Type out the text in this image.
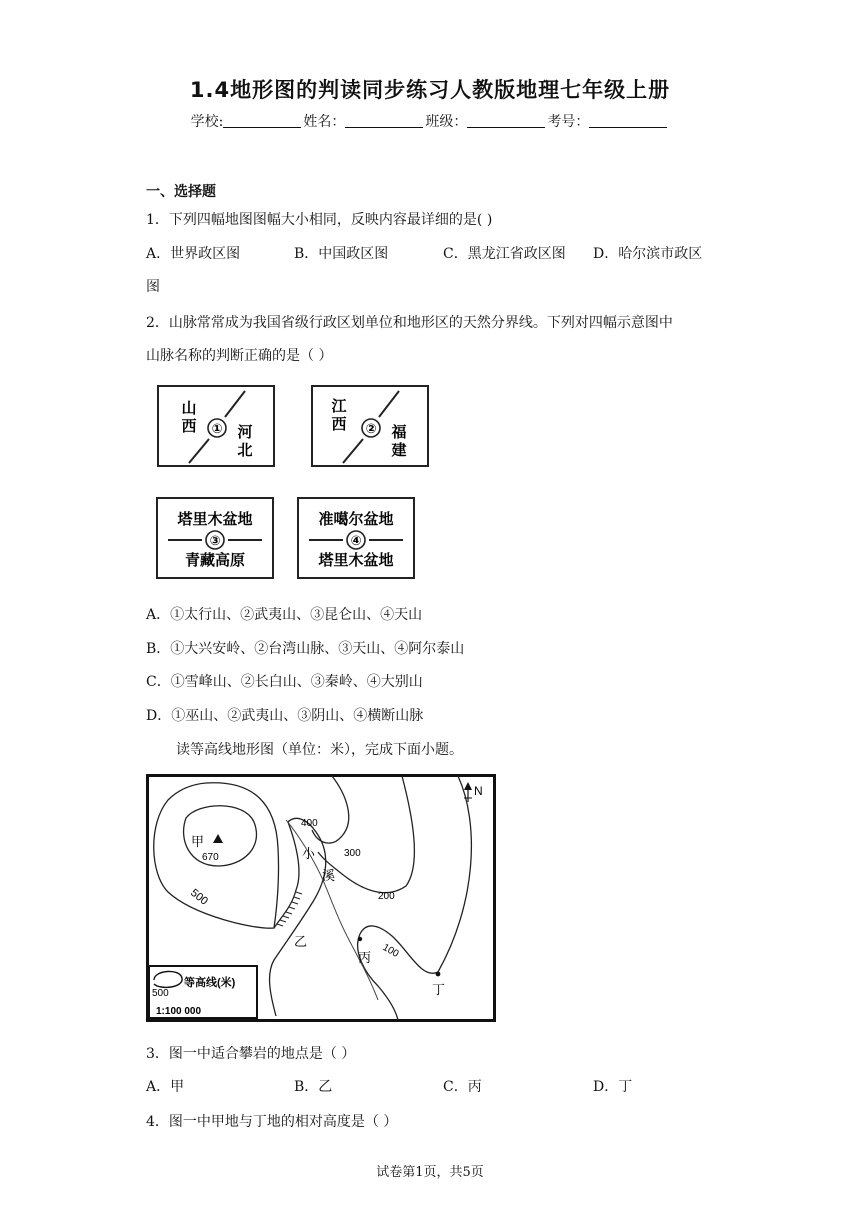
1.4地形图的判读同步练习人教版地理七年级上册
学校:	姓名：	班级：	考号：
一、选择题
1．下列四幅地图图幅大小相同，反映内容最详细的是( )
A．世界政区图	B．中国政区图	C．黑龙江省政区图 D．哈尔滨市政区
图
2．山脉常常成为我国省级行政区划单位和地形区的天然分界线。下列对四幅示意图中
山脉名称的判断正确的是（ ）
①
山
西	河
北
②
江
西	福
建
塔里木盆地
③
青藏高原
准噶尔盆地
④
塔里木盆地
A．①太行山、②武夷山、③昆仑山、④天山
B．①大兴安岭、②台湾山脉、③天山、④阿尔泰山
C．①雪峰山、②长白山、③秦岭、④大别山
D．①巫山、②武夷山、③阴山、④横断山脉
读等高线地形图（单位：米），完成下面小题。
甲
670
500
400
300
200
100
小
溪
乙
丙
丁
N
500
等高线(米)
1:100 000
3．图一中适合攀岩的地点是（ ）
A．甲	B．乙	C．丙	D．丁
4．图一中甲地与丁地的相对高度是（ ）
试卷第1页，共5页
